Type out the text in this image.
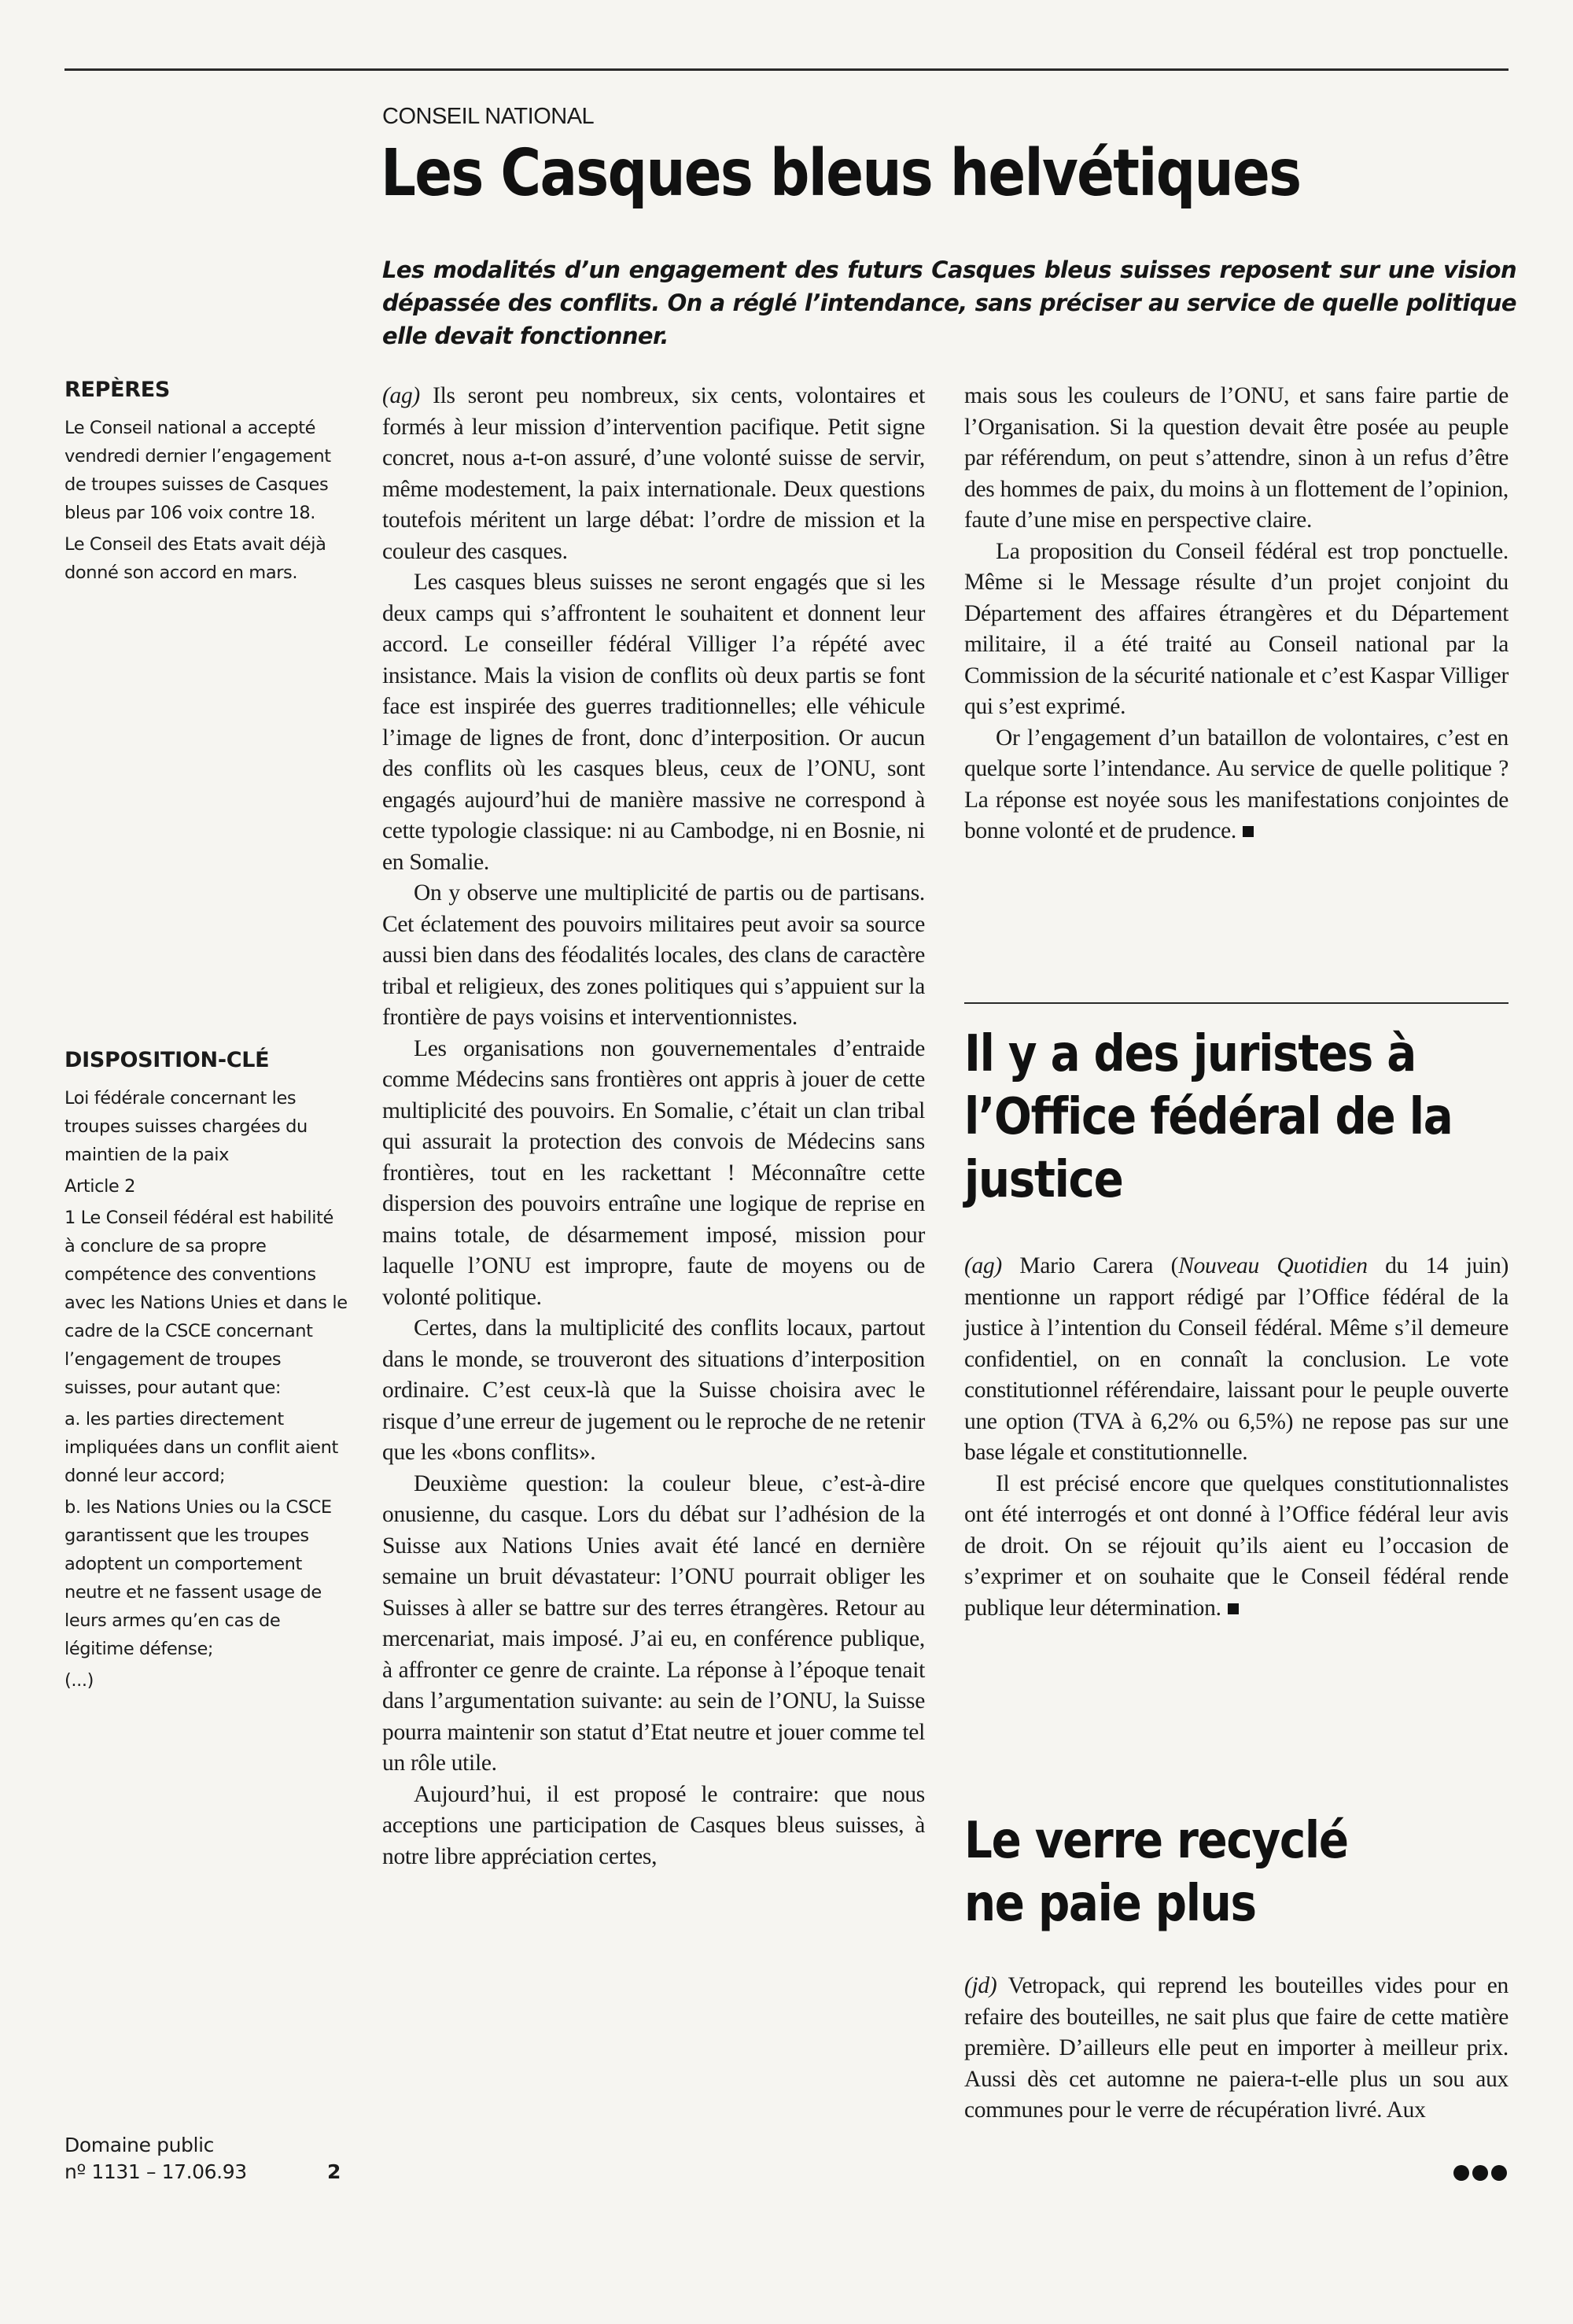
CONSEIL NATIONAL
Les Casques bleus helvétiques
Les modalités d’un engagement des futurs Casques bleus suisses reposent sur une vision dépassée des conflits. On a réglé l’intendance, sans préciser au service de quelle politique elle devait fonctionner.
REPÈRES

Le Conseil national a accepté vendredi dernier l’engagement de troupes suisses de Casques bleus par 106 voix contre 18.

Le Conseil des Etats avait déjà donné son accord en mars.

DISPOSITION-CLÉ

Loi fédérale concernant les troupes suisses chargées du maintien de la paix

Article 2

1 Le Conseil fédéral est habilité à conclure de sa propre compétence des conventions avec les Nations Unies et dans le cadre de la CSCE concernant l’engagement de troupes suisses, pour autant que:

a. les parties directement impliquées dans un conflit aient donné leur accord;

b. les Nations Unies ou la CSCE garantissent que les troupes adoptent un comportement neutre et ne fassent usage de leurs armes qu’en cas de légitime défense;

(...)

(ag) Ils seront peu nombreux, six cents, volontaires et formés à leur mission d’intervention pacifique. Petit signe concret, nous a-t-on assuré, d’une volonté suisse de servir, même modestement, la paix internationale. Deux questions toutefois méritent un large débat: l’ordre de mission et la couleur des casques.

Les casques bleus suisses ne seront engagés que si les deux camps qui s’affrontent le souhaitent et donnent leur accord. Le conseiller fédéral Villiger l’a répété avec insistance. Mais la vision de conflits où deux partis se font face est inspirée des guerres traditionnelles; elle véhicule l’image de lignes de front, donc d’interposition. Or aucun des conflits où les casques bleus, ceux de l’ONU, sont engagés aujourd’hui de manière massive ne correspond à cette typologie classique: ni au Cambodge, ni en Bosnie, ni en Somalie.

On y observe une multiplicité de partis ou de partisans. Cet éclatement des pouvoirs militaires peut avoir sa source aussi bien dans des féodalités locales, des clans de caractère tribal et religieux, des zones politiques qui s’appuient sur la frontière de pays voisins et interventionnistes.

Les organisations non gouvernementales d’entraide comme Médecins sans frontières ont appris à jouer de cette multiplicité des pouvoirs. En Somalie, c’était un clan tribal qui assurait la protection des convois de Médecins sans frontières, tout en les rackettant ! Méconnaître cette dispersion des pouvoirs entraîne une logique de reprise en mains totale, de désarmement imposé, mission pour laquelle l’ONU est impropre, faute de moyens ou de volonté politique.

Certes, dans la multiplicité des conflits locaux, partout dans le monde, se trouveront des situations d’interposition ordinaire. C’est ceux-là que la Suisse choisira avec le risque d’une erreur de jugement ou le reproche de ne retenir que les «bons conflits».

Deuxième question: la couleur bleue, c’est-à-dire onusienne, du casque. Lors du débat sur l’adhésion de la Suisse aux Nations Unies avait été lancé en dernière semaine un bruit dévastateur: l’ONU pourrait obliger les Suisses à aller se battre sur des terres étrangères. Retour au mercenariat, mais imposé. J’ai eu, en conférence publique, à affronter ce genre de crainte. La réponse à l’époque tenait dans l’argumentation suivante: au sein de l’ONU, la Suisse pourra maintenir son statut d’Etat neutre et jouer comme tel un rôle utile.

Aujourd’hui, il est proposé le contraire: que nous acceptions une participation de Casques bleus suisses, à notre libre appréciation certes,

mais sous les couleurs de l’ONU, et sans faire partie de l’Organisation. Si la question devait être posée au peuple par référendum, on peut s’attendre, sinon à un refus d’être des hommes de paix, du moins à un flottement de l’opinion, faute d’une mise en perspective claire.

La proposition du Conseil fédéral est trop ponctuelle. Même si le Message résulte d’un projet conjoint du Département des affaires étrangères et du Département militaire, il a été traité au Conseil national par la Commission de la sécurité nationale et c’est Kaspar Villiger qui s’est exprimé.

Or l’engagement d’un bataillon de volontaires, c’est en quelque sorte l’intendance. Au service de quelle politique ? La réponse est noyée sous les manifestations conjointes de bonne volonté et de prudence.

Il y a des juristes à l’Office fédéral de la justice

(ag) Mario Carera (Nouveau Quotidien du 14 juin) mentionne un rapport rédigé par l’Office fédéral de la justice à l’intention du Conseil fédéral. Même s’il demeure confidentiel, on en connaît la conclusion. Le vote constitutionnel référendaire, laissant pour le peuple ouverte une option (TVA à 6,2% ou 6,5%) ne repose pas sur une base légale et constitutionnelle.

Il est précisé encore que quelques constitutionnalistes ont été interrogés et ont donné à l’Office fédéral leur avis de droit. On se réjouit qu’ils aient eu l’occasion de s’exprimer et on souhaite que le Conseil fédéral rende publique leur détermination.

Le verre recyclé
ne paie plus

(jd) Vetropack, qui reprend les bouteilles vides pour en refaire des bouteilles, ne sait plus que faire de cette matière première. D’ailleurs elle peut en importer à meilleur prix. Aussi dès cet automne ne paiera-t-elle plus un sou aux communes pour le verre de récupération livré. Aux

Domaine public
nº 1131 – 17.06.93	2
